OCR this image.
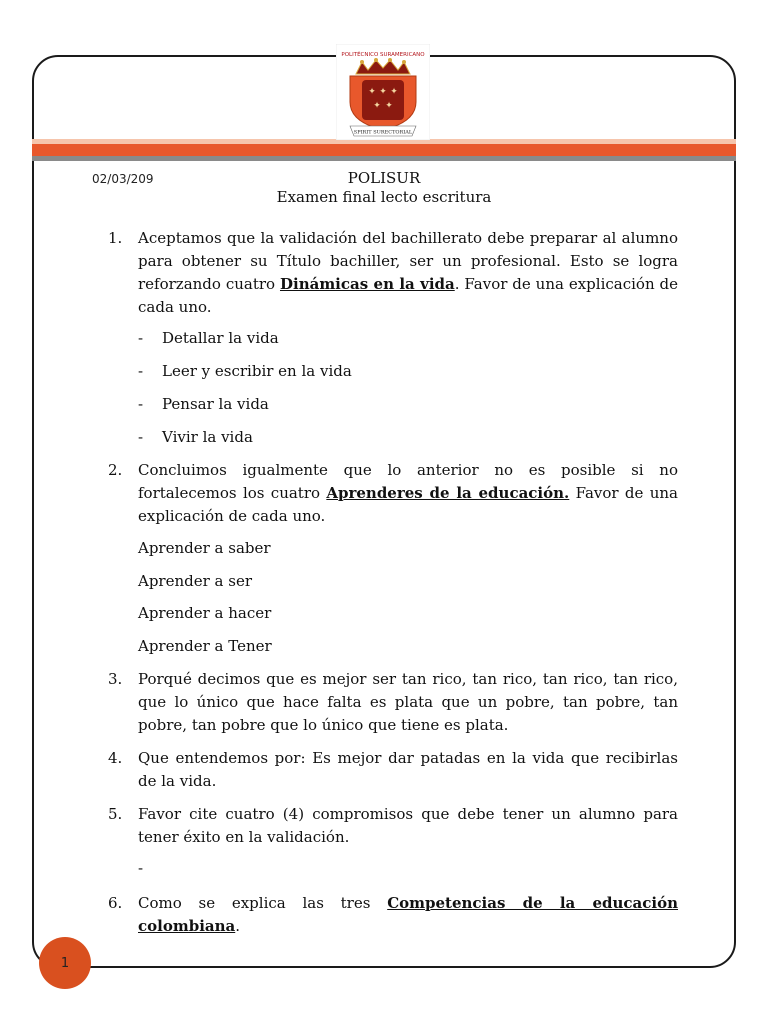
POLITÉCNICO SURAMERICANO
✦ ✦ ✦
✦ ✦
SPIRIT SURECTORIAL
02/03/209	POLISUR
Examen final lecto escritura
1.	Aceptamos que la validación del bachillerato debe preparar al alumno
para obtener su Título bachiller, ser un profesional. Esto se logra
reforzando cuatro Dinámicas en la vida. Favor de una explicación de
cada uno.
- Detallar la vida
- Leer y escribir en la vida
- Pensar la vida
- Vivir la vida
2.	Concluimos igualmente que lo anterior no es posible si no
fortalecemos los cuatro Aprenderes de la educación. Favor de una
explicación de cada uno.
Aprender a saber
Aprender a ser
Aprender a hacer
Aprender a Tener
3.	Porqué decimos que es mejor ser tan rico, tan rico, tan rico, tan rico, que lo único que hace falta es plata que un pobre, tan pobre, tan pobre, tan pobre que lo único que tiene es plata.
4.	Que entendemos por: Es mejor dar patadas en la vida que recibirlas de la vida.
5.	Favor cite cuatro (4) compromisos que debe tener un alumno para tener éxito en la validación.
-
6.	Como se explica las tres Competencias de la educación colombiana.
1
